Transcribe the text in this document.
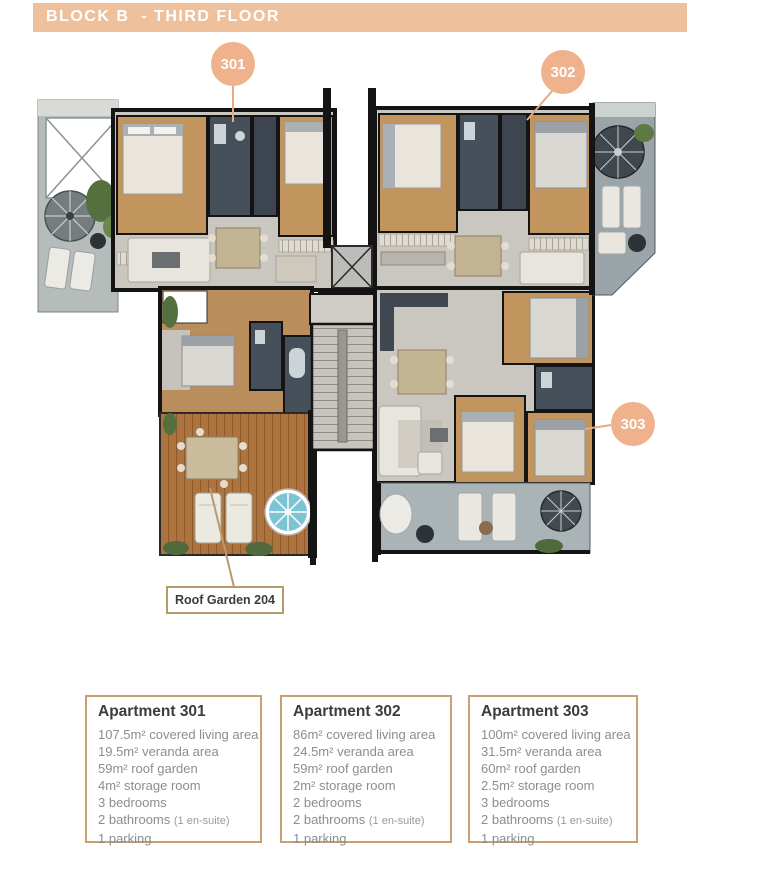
BLOCK B  - THIRD FLOOR
301	302
303
Roof Garden 204
Apartment 301
107.5m² covered living area
19.5m² veranda area
59m² roof garden
4m² storage room
3 bedrooms
2 bathrooms (1 en-suite)
1 parking
Apartment 302
86m² covered living area
24.5m² veranda area
59m² roof garden
2m² storage room
2 bedrooms
2 bathrooms (1 en-suite)
1 parking
Apartment 303
100m² covered living area
31.5m² veranda area
60m² roof garden
2.5m² storage room
3 bedrooms
2 bathrooms (1 en-suite)
1 parking
